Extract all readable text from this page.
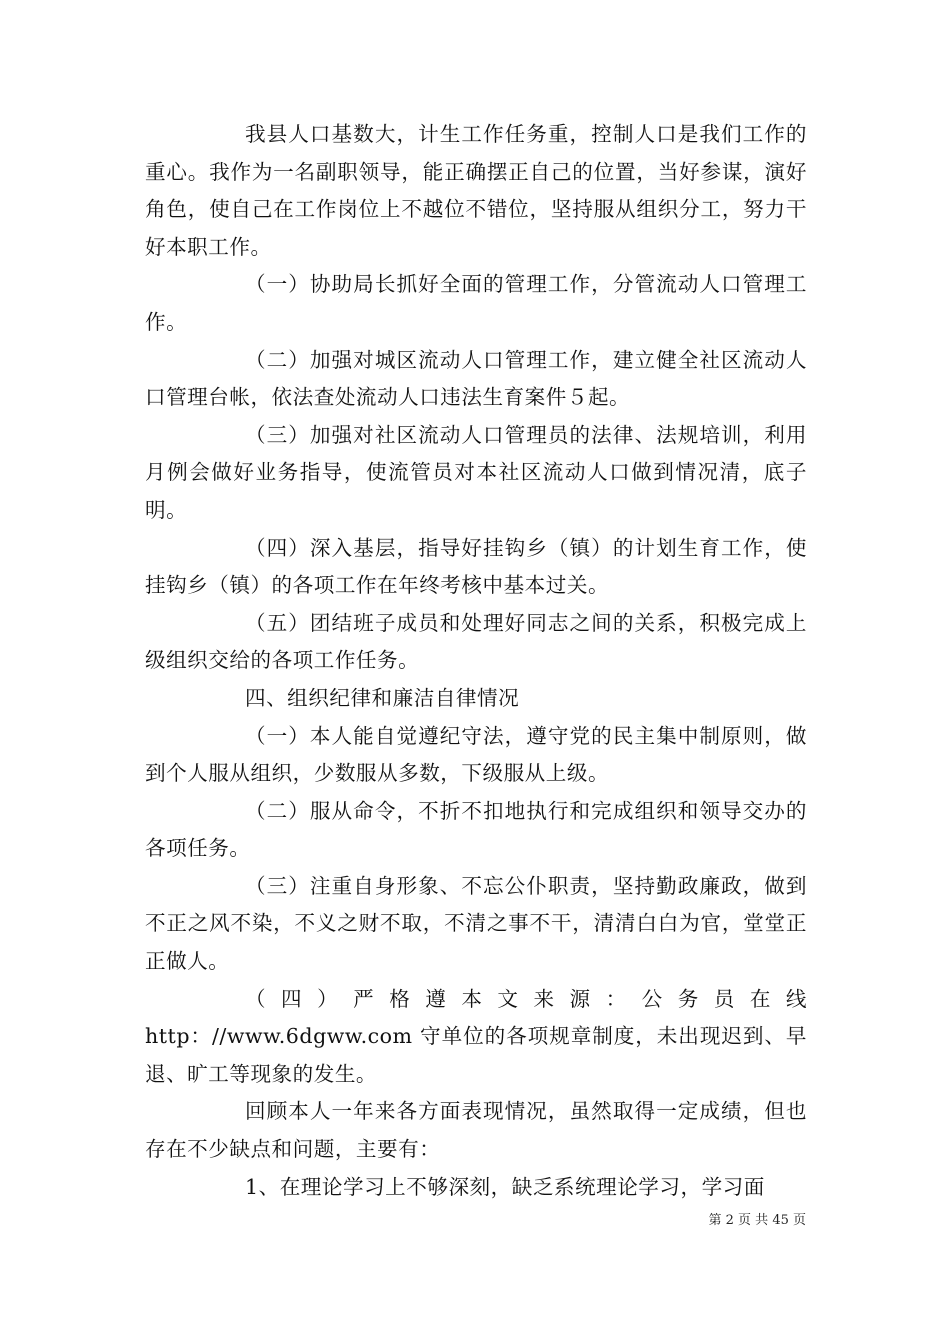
我县人口基数大，计生工作任务重，控制人口是我们工作的重心。我作为一名副职领导，能正确摆正自己的位置，当好参谋，演好角色，使自己在工作岗位上不越位不错位，坚持服从组织分工，努力干好本职工作。

（一）协助局长抓好全面的管理工作，分管流动人口管理工作。

（二）加强对城区流动人口管理工作，建立健全社区流动人口管理台帐，依法查处流动人口违法生育案件５起。

（三）加强对社区流动人口管理员的法律、法规培训，利用月例会做好业务指导，使流管员对本社区流动人口做到情况清，底子明。

（四）深入基层，指导好挂钩乡（镇）的计划生育工作，使挂钩乡（镇）的各项工作在年终考核中基本过关。

（五）团结班子成员和处理好同志之间的关系，积极完成上级组织交给的各项工作任务。

四、组织纪律和廉洁自律情况

（一）本人能自觉遵纪守法，遵守党的民主集中制原则，做到个人服从组织，少数服从多数，下级服从上级。

（二）服从命令，不折不扣地执行和完成组织和领导交办的各项任务。

（三）注重自身形象、不忘公仆职责，坚持勤政廉政，做到不正之风不染，不义之财不取，不清之事不干，清清白白为官，堂堂正正做人。

（四）严格遵本文来源：公务员在线 http：//www.6dgww.com 守单位的各项规章制度，未出现迟到、早退、旷工等现象的发生。

回顾本人一年来各方面表现情况，虽然取得一定成绩，但也存在不少缺点和问题，主要有：

1、在理论学习上不够深刻，缺乏系统理论学习，学习面

第 2 页 共 45 页
